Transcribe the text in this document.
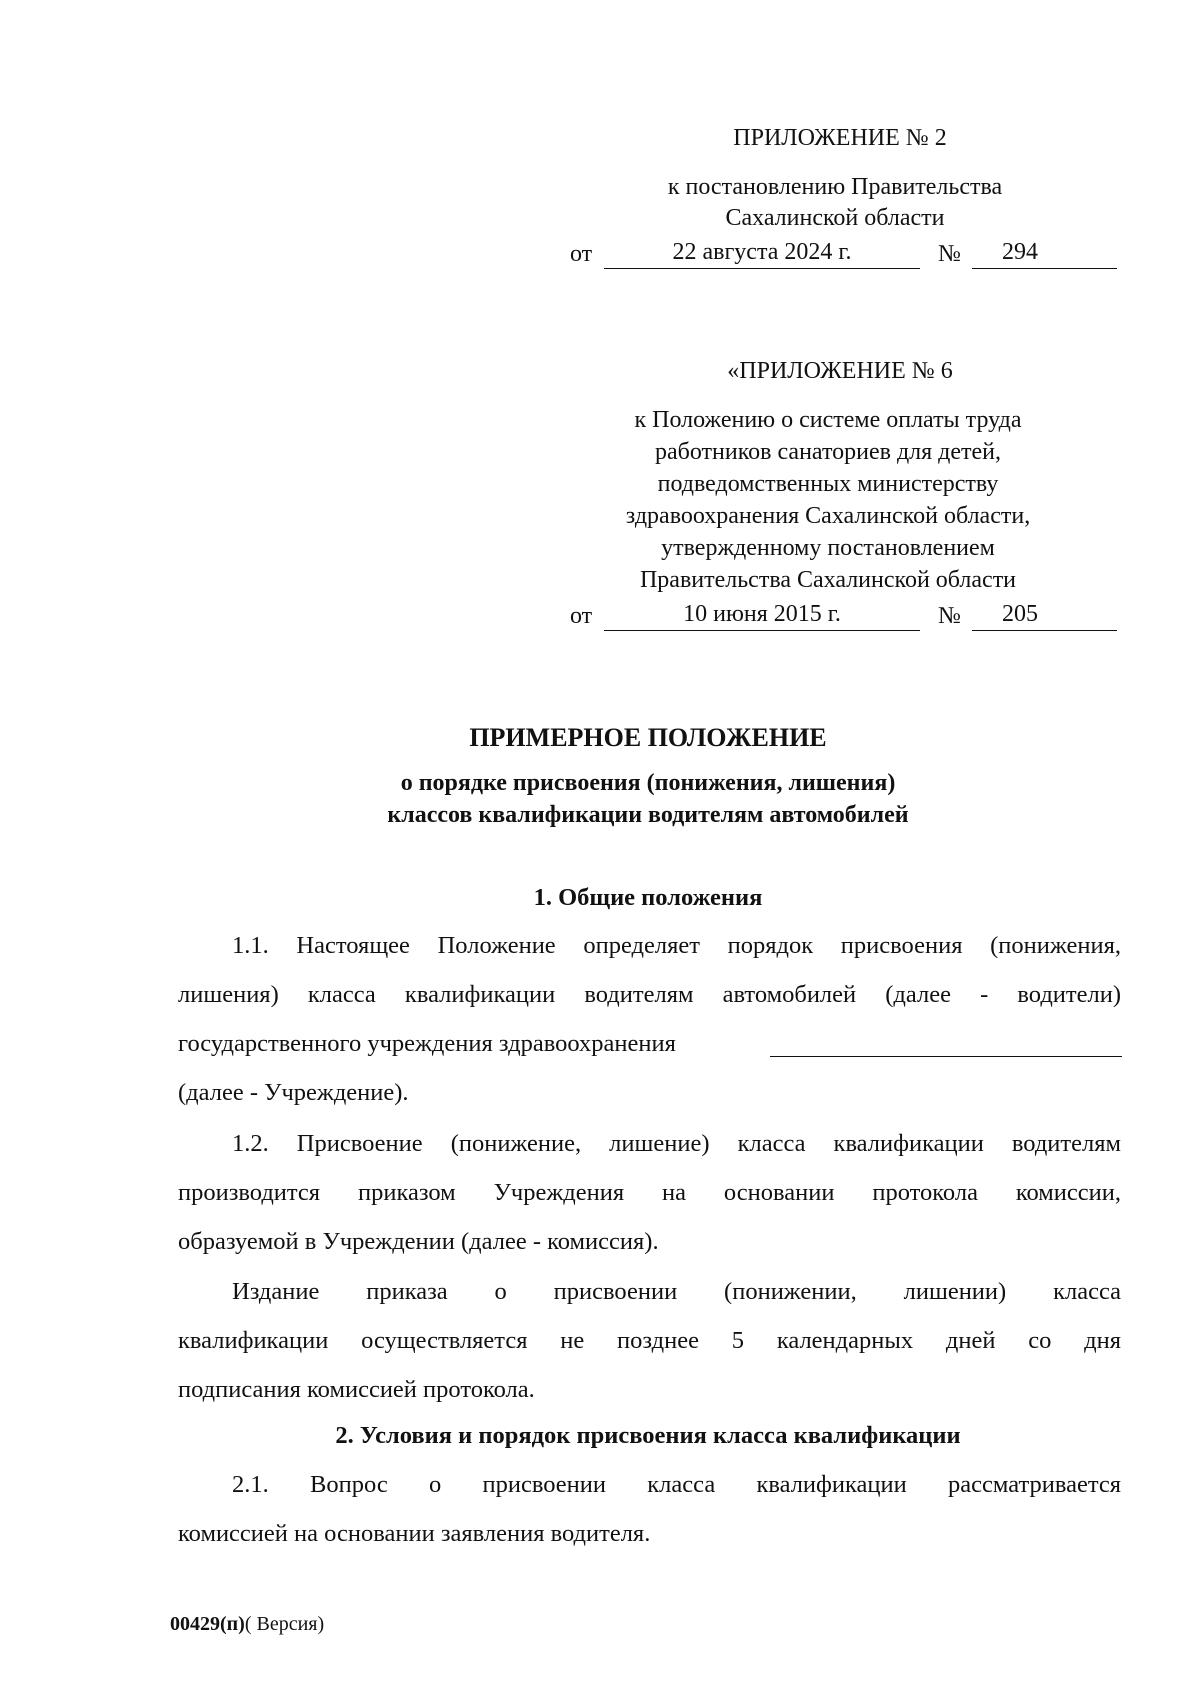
ПРИЛОЖЕНИЕ № 2
к постановлению Правительства
Сахалинской области
от	22 августа 2024 г.	№	294
«ПРИЛОЖЕНИЕ № 6
к Положению о системе оплаты труда
работников санаториев для детей,
подведомственных министерству
здравоохранения Сахалинской области,
утвержденному постановлением
Правительства Сахалинской области
от	10 июня 2015 г.	№	205
ПРИМЕРНОЕ ПОЛОЖЕНИЕ
о порядке присвоения (понижения, лишения)
классов квалификации водителям автомобилей
1. Общие положения
1.1. Настоящее Положение определяет порядок присвоения (понижения,
лишения) класса квалификации водителям автомобилей (далее - водители)
государственного учреждения здравоохранения
(далее - Учреждение).
1.2. Присвоение (понижение, лишение) класса квалификации водителям
производится приказом Учреждения на основании протокола комиссии,
образуемой в Учреждении (далее - комиссия).
Издание приказа о присвоении (понижении, лишении) класса
квалификации осуществляется не позднее 5 календарных дней со дня
подписания комиссией протокола.
2. Условия и порядок присвоения класса квалификации
2.1. Вопрос о присвоении класса квалификации рассматривается
комиссией на основании заявления водителя.
00429(п)( Версия)
